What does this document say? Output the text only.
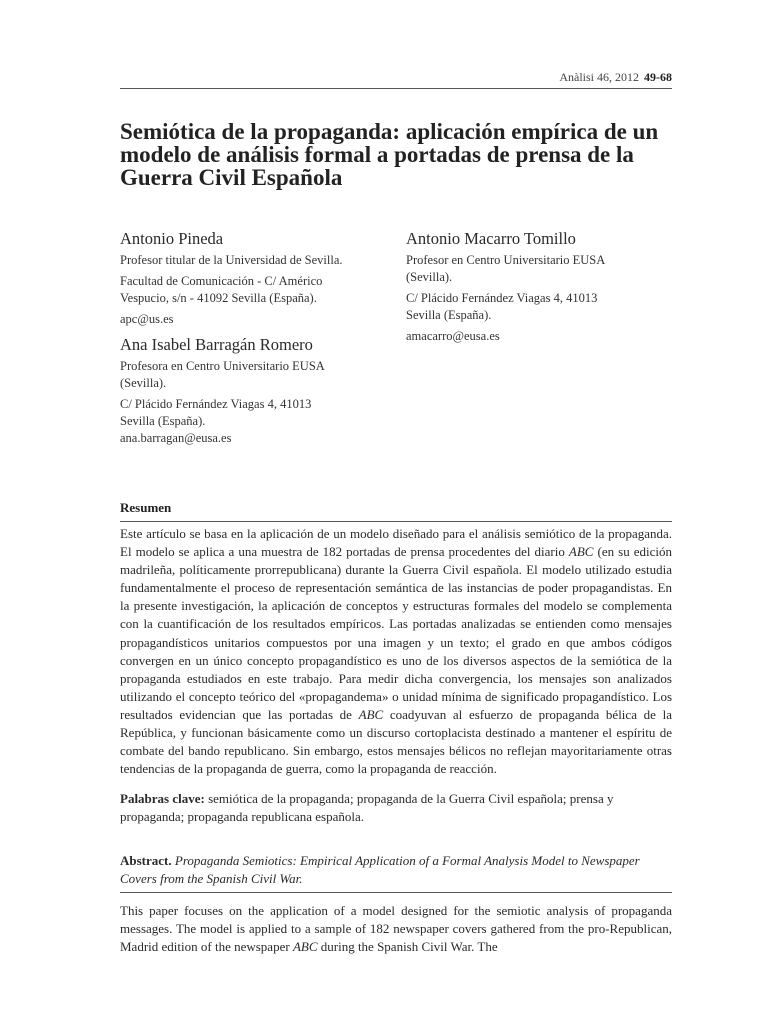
Anàlisi 46, 2012 49-68
Semiótica de la propaganda: aplicación empírica de un modelo de análisis formal a portadas de prensa de la Guerra Civil Española

Antonio Pineda

Profesor titular de la Universidad de Sevilla.

Facultad de Comunicación - C/ Américo

Vespucio, s/n - 41092 Sevilla (España).

apc@us.es

Antonio Macarro Tomillo

Profesor en Centro Universitario EUSA

(Sevilla).

C/ Plácido Fernández Viagas 4, 41013

Sevilla (España).

amacarro@eusa.es

Ana Isabel Barragán Romero

Profesora en Centro Universitario EUSA

(Sevilla).

C/ Plácido Fernández Viagas 4, 41013

Sevilla (España).

ana.barragan@eusa.es

Resumen

Este artículo se basa en la aplicación de un modelo diseñado para el análisis semiótico de la propaganda. El modelo se aplica a una muestra de 182 portadas de prensa procedentes del diario ABC (en su edición madrileña, políticamente prorrepublicana) durante la Guerra Civil española. El modelo utilizado estudia fundamentalmente el proceso de representación semántica de las instancias de poder propagandistas. En la presente investigación, la aplicación de conceptos y estructuras formales del modelo se complementa con la cuantificación de los resultados empíricos. Las portadas analizadas se entienden como mensajes propagandísticos unitarios compuestos por una imagen y un texto; el grado en que ambos códigos convergen en un único concepto propagandístico es uno de los diversos aspectos de la semiótica de la propaganda estudiados en este trabajo. Para medir dicha convergencia, los mensajes son analizados utilizando el concepto teórico del «propagandema» o unidad mínima de significado propagandístico. Los resultados evidencian que las portadas de ABC coadyuvan al esfuerzo de propaganda bélica de la República, y funcionan básicamente como un discurso cortoplacista destinado a mantener el espíritu de combate del bando republicano. Sin embargo, estos mensajes bélicos no reflejan mayoritariamente otras tendencias de la propaganda de guerra, como la propaganda de reacción.

Palabras clave: semiótica de la propaganda; propaganda de la Guerra Civil española; prensa y propaganda; propaganda republicana española.

Abstract. Propaganda Semiotics: Empirical Application of a Formal Analysis Model to Newspaper Covers from the Spanish Civil War.

This paper focuses on the application of a model designed for the semiotic analysis of propaganda messages. The model is applied to a sample of 182 newspaper covers gathered from the pro-Republican, Madrid edition of the newspaper ABC during the Spanish Civil War. The
